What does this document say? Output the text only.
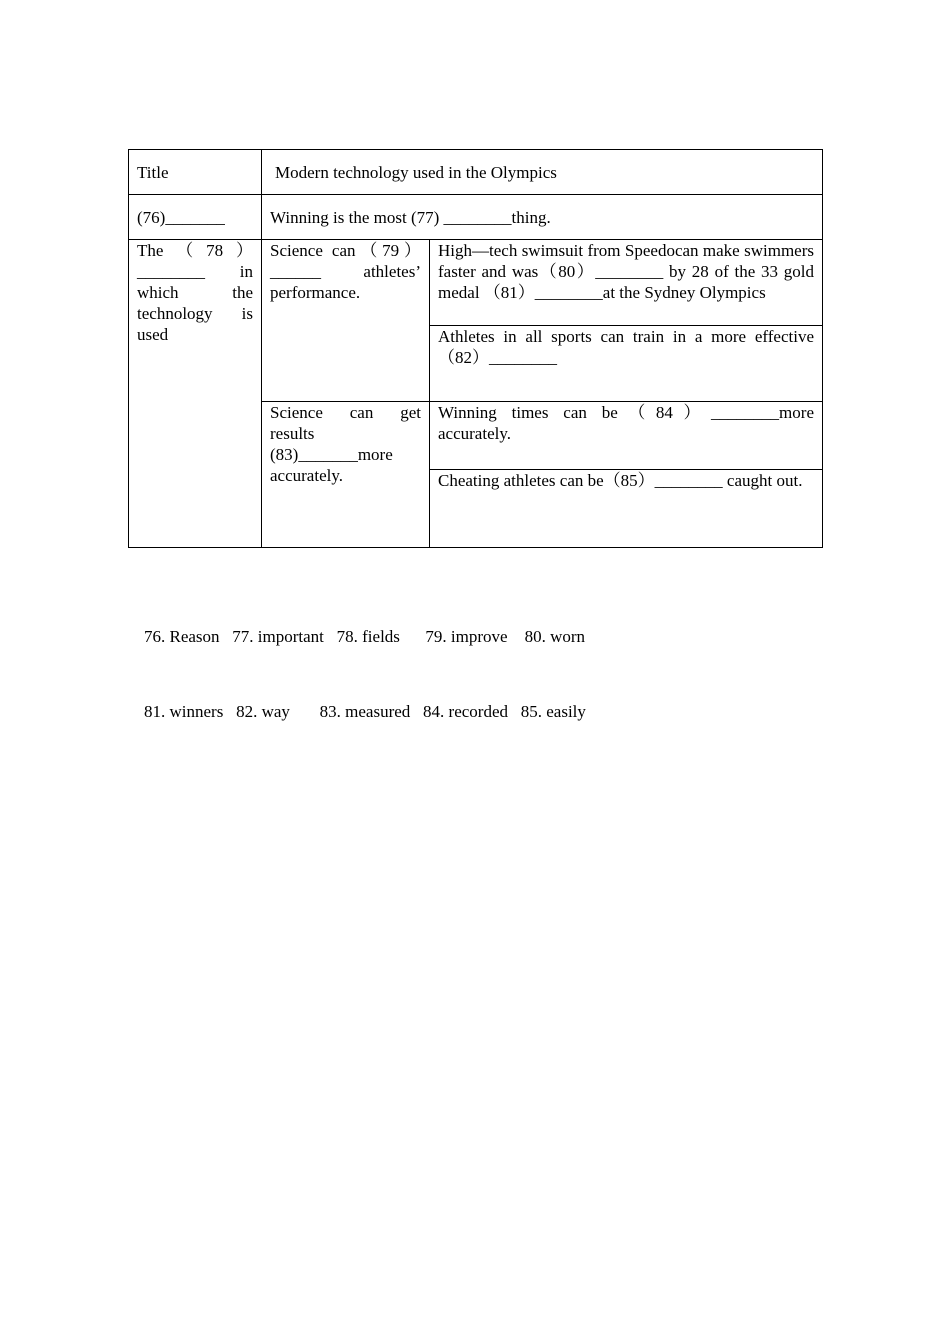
Title	Modern technology used in the Olympics	
(76)_______	Winning is the most (77) ________thing.	
The（78）________ in which the technology is used	Science can（79）______ athletes’ performance.	High—tech swimsuit from Speedocan make swimmers faster and was（80）________ by 28 of the 33 gold medal （81）________at the Sydney Olympics
		Athletes in all sports can train in a more effective（82）________
	Science can get results (83)_______more accurately.	Winning times can be（84）________more accurately.
		Cheating athletes can be（85）________ caught out.

76. Reason   77. important   78. fields      79. improve    80. worn

81. winners   82. way       83. measured   84. recorded   85. easily
